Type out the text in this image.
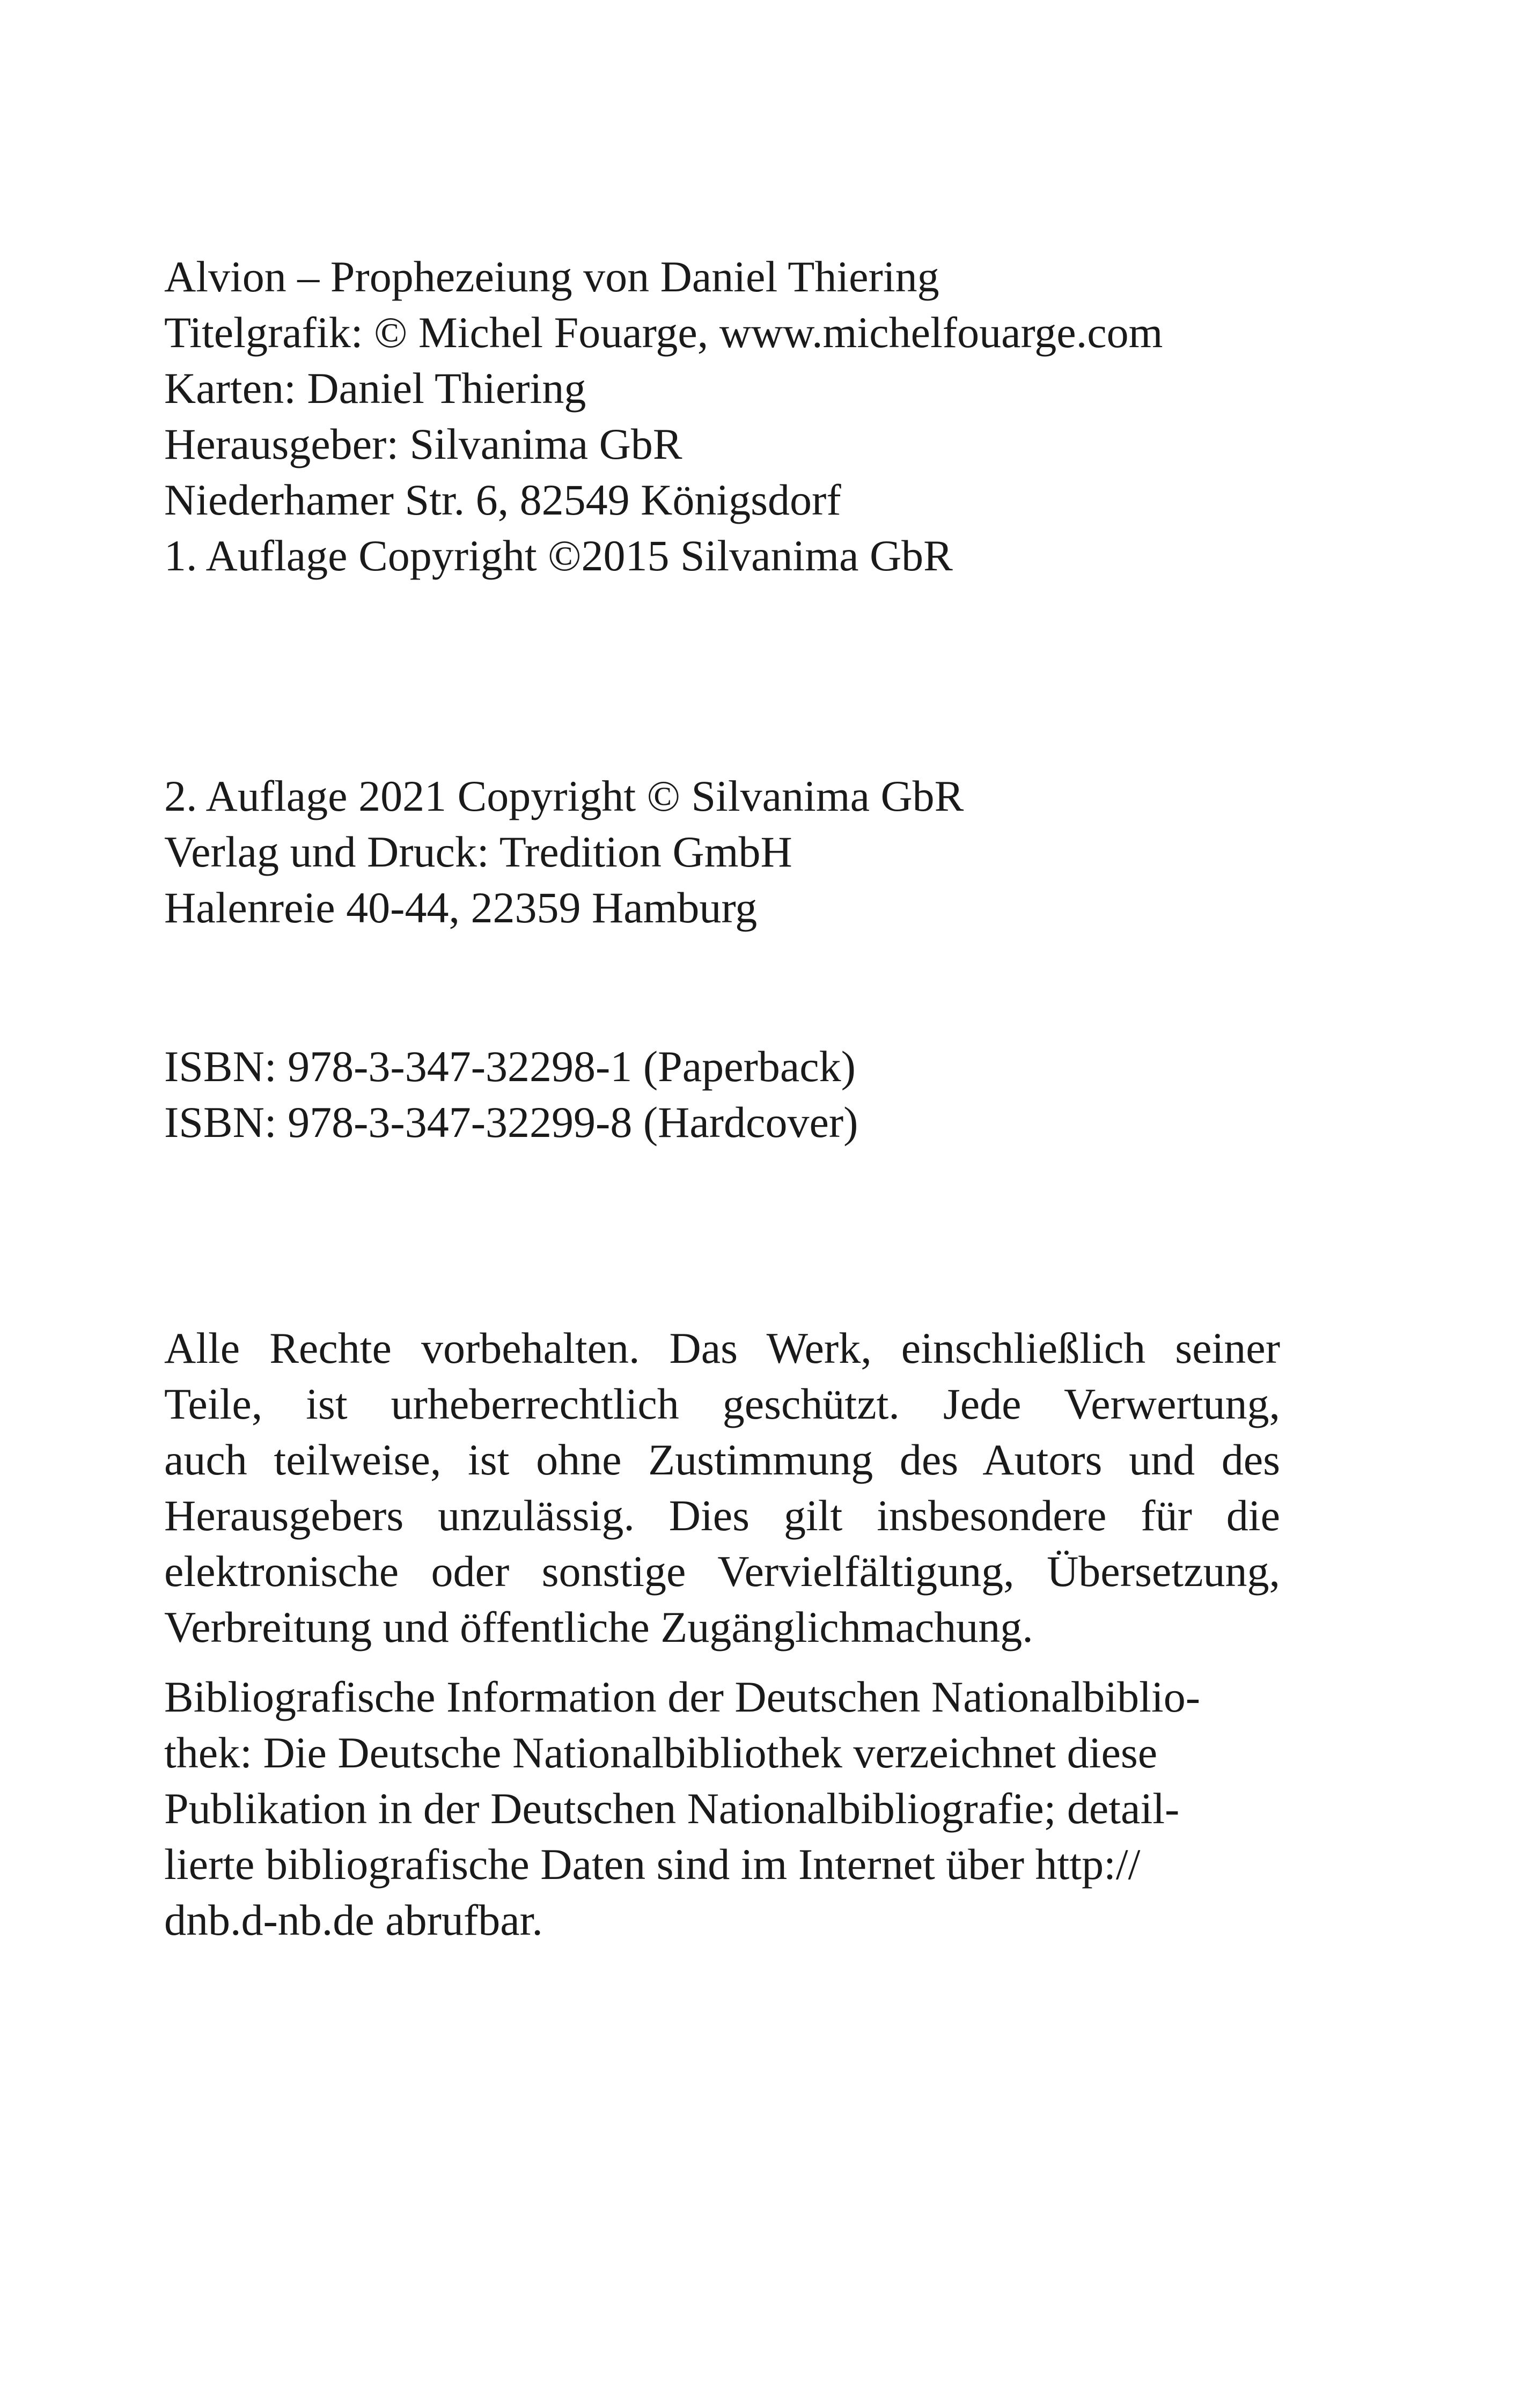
Alvion – Prophezeiung von Daniel Thiering

Titelgrafik: © Michel Fouarge, www.michelfouarge.com

Karten: Daniel Thiering

Herausgeber: Silvanima GbR

Niederhamer Str. 6, 82549 Königsdorf

1. Auflage Copyright ©2015 Silvanima GbR

2. Auflage 2021 Copyright © Silvanima GbR

Verlag und Druck: Tredition GmbH

Halenreie 40-44, 22359 Hamburg

ISBN: 978-3-347-32298-1 (Paperback)

ISBN: 978-3-347-32299-8 (Hardcover)

Alle Rechte vorbehalten. Das Werk, einschließlich seiner

Teile, ist urheberrechtlich geschützt. Jede Verwertung,

auch teilweise, ist ohne Zustimmung des Autors und des

Herausgebers unzulässig. Dies gilt insbesondere für die

elektronische oder sonstige Vervielfältigung, Übersetzung,

Verbreitung und öffentliche Zugänglichmachung.

Bibliografische Information der Deutschen Nationalbiblio-

thek: Die Deutsche Nationalbibliothek verzeichnet diese

Publikation in der Deutschen Nationalbibliografie; detail-

lierte bibliografische Daten sind im Internet über http://

dnb.d-nb.de abrufbar.
